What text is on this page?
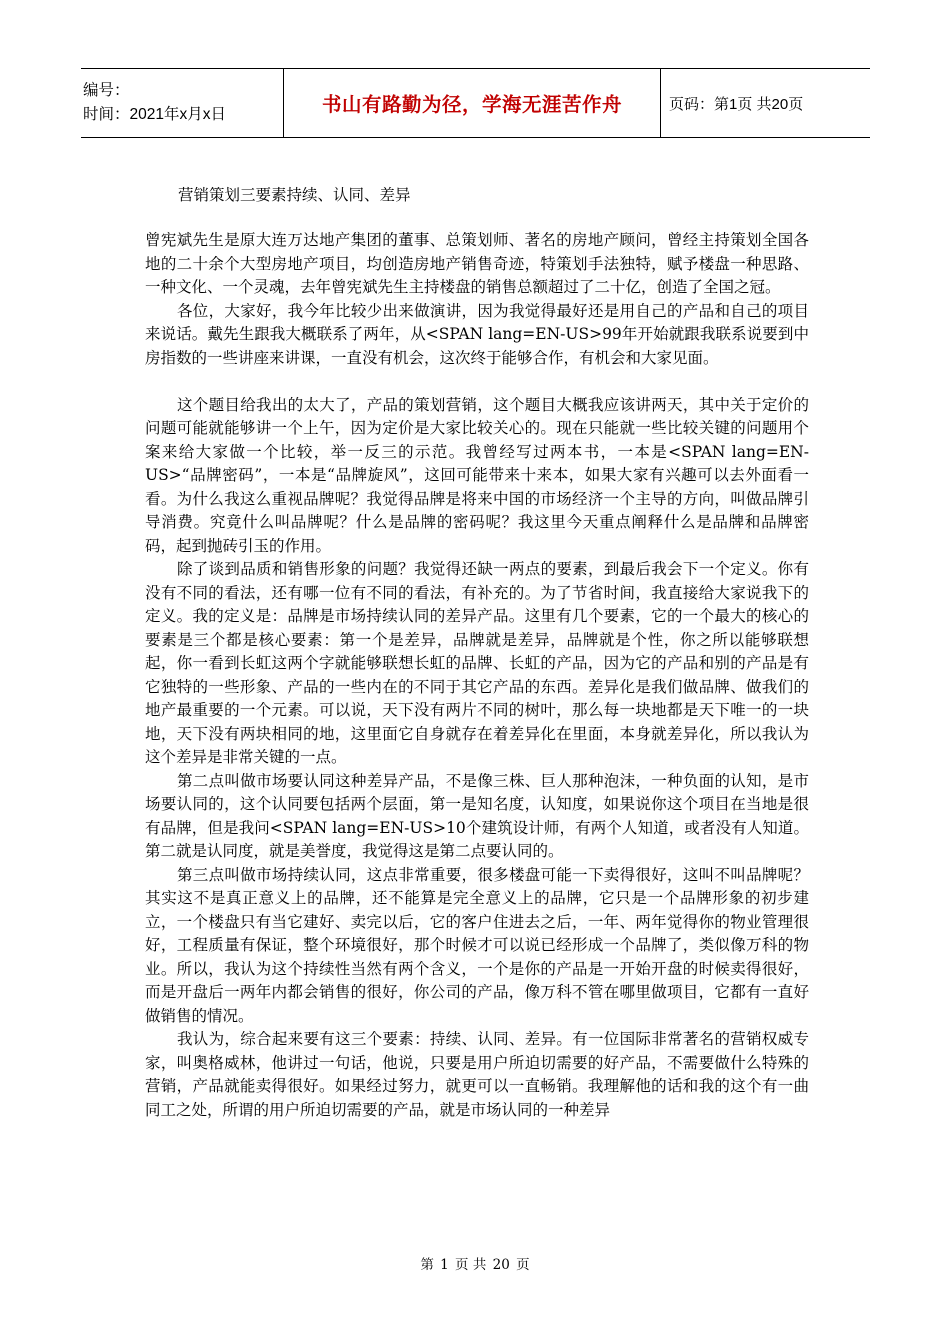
编号：
时间：2021年x月x日	书山有路勤为径，学海无涯苦作舟	页码：第1页 共20页
营销策划三要素持续、认同、差异

曾宪斌先生是原大连万达地产集团的董事、总策划师、著名的房地产顾问，曾经主持策划全国各地的二十余个大型房地产项目，均创造房地产销售奇迹，特策划手法独特，赋予楼盘一种思路、一种文化、一个灵魂，去年曾宪斌先生主持楼盘的销售总额超过了二十亿，创造了全国之冠。

各位，大家好，我今年比较少出来做演讲，因为我觉得最好还是用自己的产品和自己的项目来说话。戴先生跟我大概联系了两年，从<SPAN lang=EN-US>99年开始就跟我联系说要到中房指数的一些讲座来讲课，一直没有机会，这次终于能够合作，有机会和大家见面。

这个题目给我出的太大了，产品的策划营销，这个题目大概我应该讲两天，其中关于定价的问题可能就能够讲一个上午，因为定价是大家比较关心的。现在只能就一些比较关键的问题用个案来给大家做一个比较，举一反三的示范。我曾经写过两本书，一本是<SPAN lang=EN-US>“品牌密码”，一本是“品牌旋风”，这回可能带来十来本，如果大家有兴趣可以去外面看一看。为什么我这么重视品牌呢？我觉得品牌是将来中国的市场经济一个主导的方向，叫做品牌引导消费。究竟什么叫品牌呢？什么是品牌的密码呢？我这里今天重点阐释什么是品牌和品牌密码，起到抛砖引玉的作用。

除了谈到品质和销售形象的问题？我觉得还缺一两点的要素，到最后我会下一个定义。你有没有不同的看法，还有哪一位有不同的看法，有补充的。为了节省时间，我直接给大家说我下的定义。我的定义是：品牌是市场持续认同的差异产品。这里有几个要素，它的一个最大的核心的要素是三个都是核心要素：第一个是差异，品牌就是差异，品牌就是个性，你之所以能够联想起，你一看到长虹这两个字就能够联想长虹的品牌、长虹的产品，因为它的产品和别的产品是有它独特的一些形象、产品的一些内在的不同于其它产品的东西。差异化是我们做品牌、做我们的地产最重要的一个元素。可以说，天下没有两片不同的树叶，那么每一块地都是天下唯一的一块地，天下没有两块相同的地，这里面它自身就存在着差异化在里面，本身就差异化，所以我认为这个差异是非常关键的一点。

第二点叫做市场要认同这种差异产品，不是像三株、巨人那种泡沫，一种负面的认知，是市场要认同的，这个认同要包括两个层面，第一是知名度，认知度，如果说你这个项目在当地是很有品牌，但是我问<SPAN lang=EN-US>10个建筑设计师，有两个人知道，或者没有人知道。第二就是认同度，就是美誉度，我觉得这是第二点要认同的。

第三点叫做市场持续认同，这点非常重要，很多楼盘可能一下卖得很好，这叫不叫品牌呢？其实这不是真正意义上的品牌，还不能算是完全意义上的品牌，它只是一个品牌形象的初步建立，一个楼盘只有当它建好、卖完以后，它的客户住进去之后，一年、两年觉得你的物业管理很好，工程质量有保证，整个环境很好，那个时候才可以说已经形成一个品牌了，类似像万科的物业。所以，我认为这个持续性当然有两个含义，一个是你的产品是一开始开盘的时候卖得很好，而是开盘后一两年内都会销售的很好，你公司的产品，像万科不管在哪里做项目，它都有一直好做销售的情况。

我认为，综合起来要有这三个要素：持续、认同、差异。有一位国际非常著名的营销权威专家，叫奥格威林，他讲过一句话，他说，只要是用户所迫切需要的好产品，不需要做什么特殊的营销，产品就能卖得很好。如果经过努力，就更可以一直畅销。我理解他的话和我的这个有一曲同工之处，所谓的用户所迫切需要的产品，就是市场认同的一种差异

第 1 页 共 20 页
